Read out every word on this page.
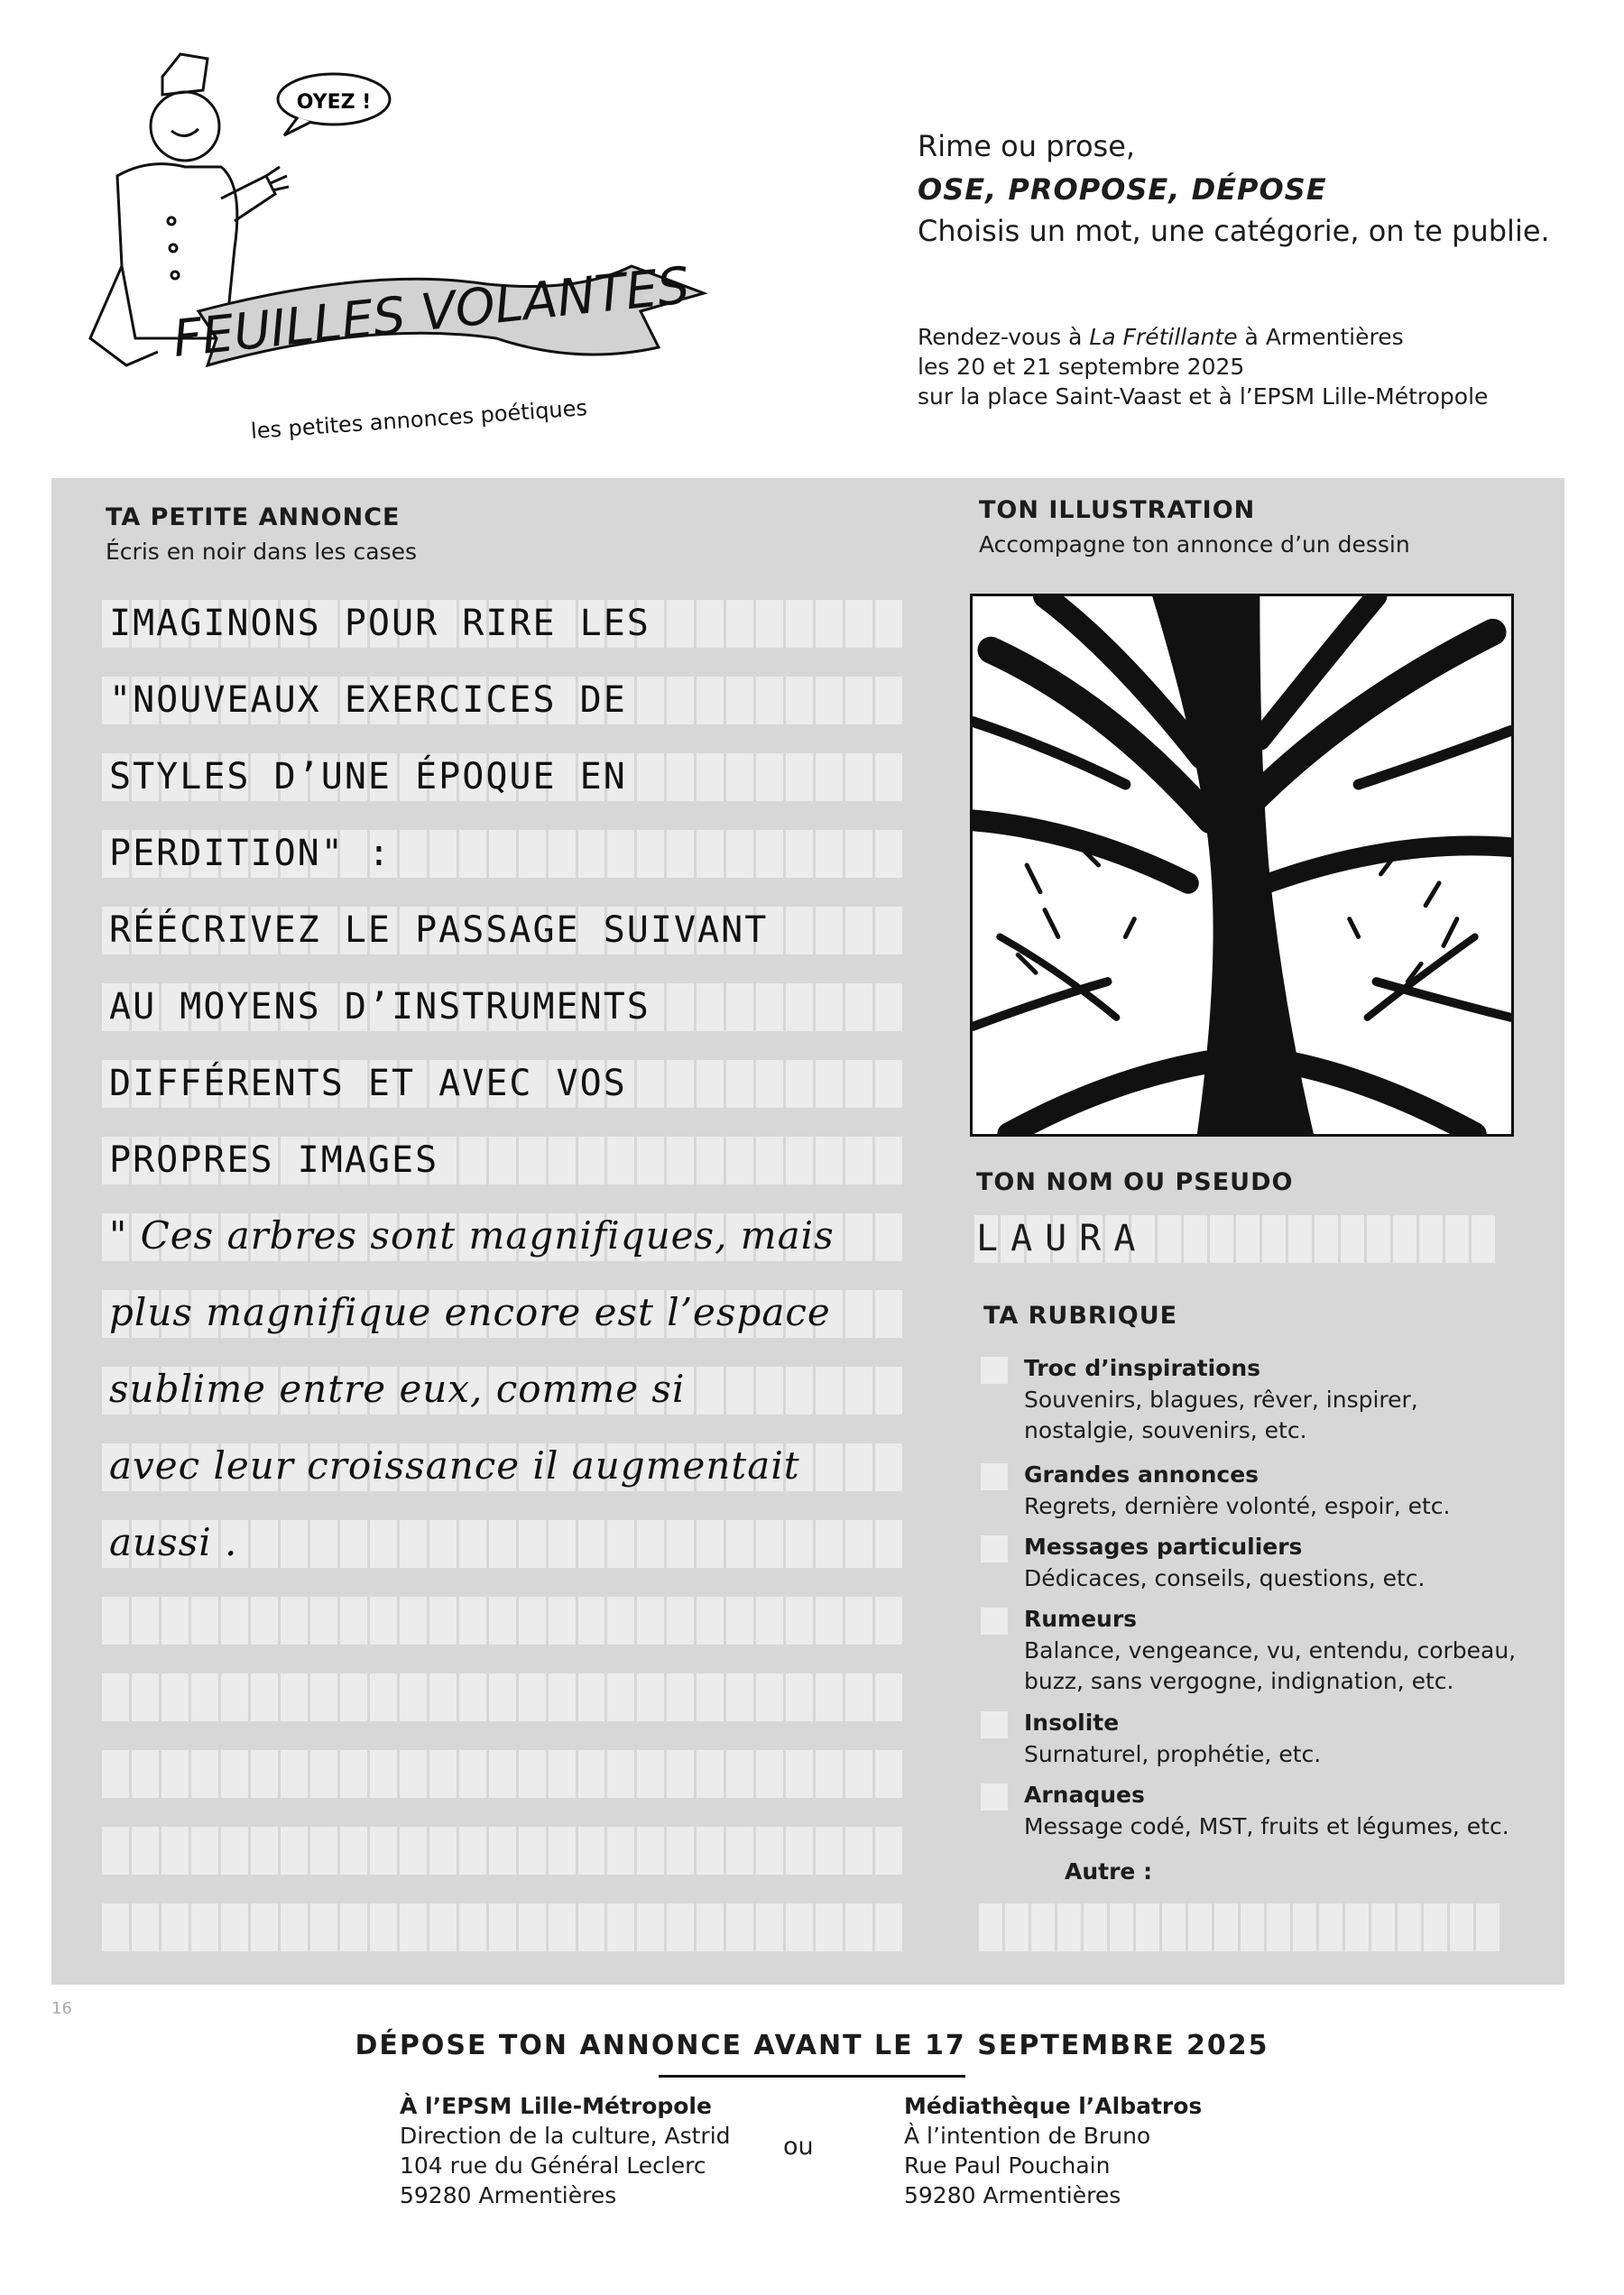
OYEZ !
FEUILLES VOLANTES
les petites annonces poétiques
Rime ou prose,
OSE, PROPOSE, DÉPOSE
Choisis un mot, une catégorie, on te publie.
Rendez-vous à La Frétillante à Armentières
les 20 et 21 septembre 2025
sur la place Saint-Vaast et à l’EPSM Lille-Métropole
TA PETITE ANNONCE
Écris en noir dans les cases
IMAGINONS POUR RIRE LES
"NOUVEAUX EXERCICES DE
STYLES D’UNE ÉPOQUE EN
PERDITION" :
RÉÉCRIVEZ LE PASSAGE SUIVANT
AU MOYENS D’INSTRUMENTS
DIFFÉRENTS ET AVEC VOS
PROPRES IMAGES
" Ces arbres sont magnifiques, mais
plus magnifique encore est l’espace
sublime entre eux, comme si
avec leur croissance il augmentait
aussi .
TON ILLUSTRATION
Accompagne ton annonce d’un dessin
TON NOM OU PSEUDO
LAURA
TA RUBRIQUE
Troc d’inspirations
Souvenirs, blagues, rêver, inspirer, nostalgie, souvenirs, etc.
Grandes annonces
Regrets, dernière volonté, espoir, etc.
Messages particuliers
Dédicaces, conseils, questions, etc.
Rumeurs
Balance, vengeance, vu, entendu, corbeau, buzz, sans vergogne, indignation, etc.
Insolite
Surnaturel, prophétie, etc.
Arnaques
Message codé, MST, fruits et légumes, etc.
Autre :
16
DÉPOSE TON ANNONCE AVANT LE 17 SEPTEMBRE 2025
À l’EPSM Lille-Métropole
Direction de la culture, Astrid
104 rue du Général Leclerc
59280 Armentières
ou
Médiathèque l’Albatros
À l’intention de Bruno
Rue Paul Pouchain
59280 Armentières
